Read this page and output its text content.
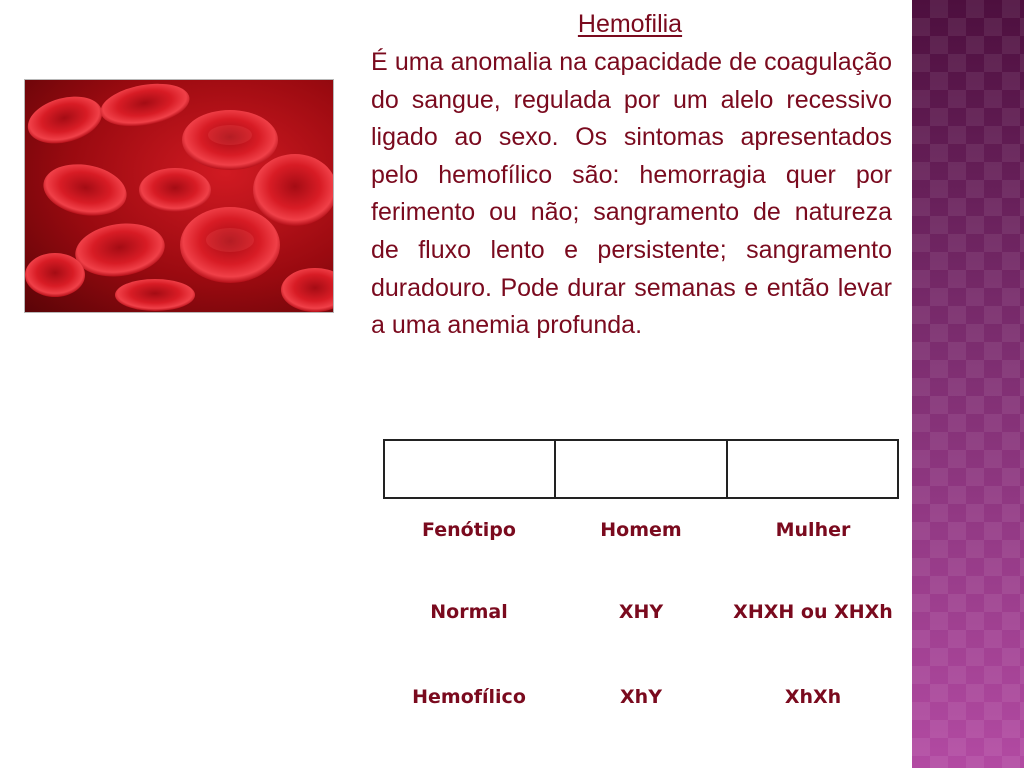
Hemofilia

É uma anomalia na capacidade de coagulação do sangue, regulada por um alelo recessivo ligado ao sexo. Os sintomas apresentados pelo hemofílico são: hemorragia quer por ferimento ou não; sangramento de natureza de fluxo lento e persistente; sangramento duradouro. Pode durar semanas e então levar a uma anemia profunda.

Fenótipo	Homem	Mulher
Normal	XHY	XHXH ou XHXh
Hemofílico	XhY	XhXh
